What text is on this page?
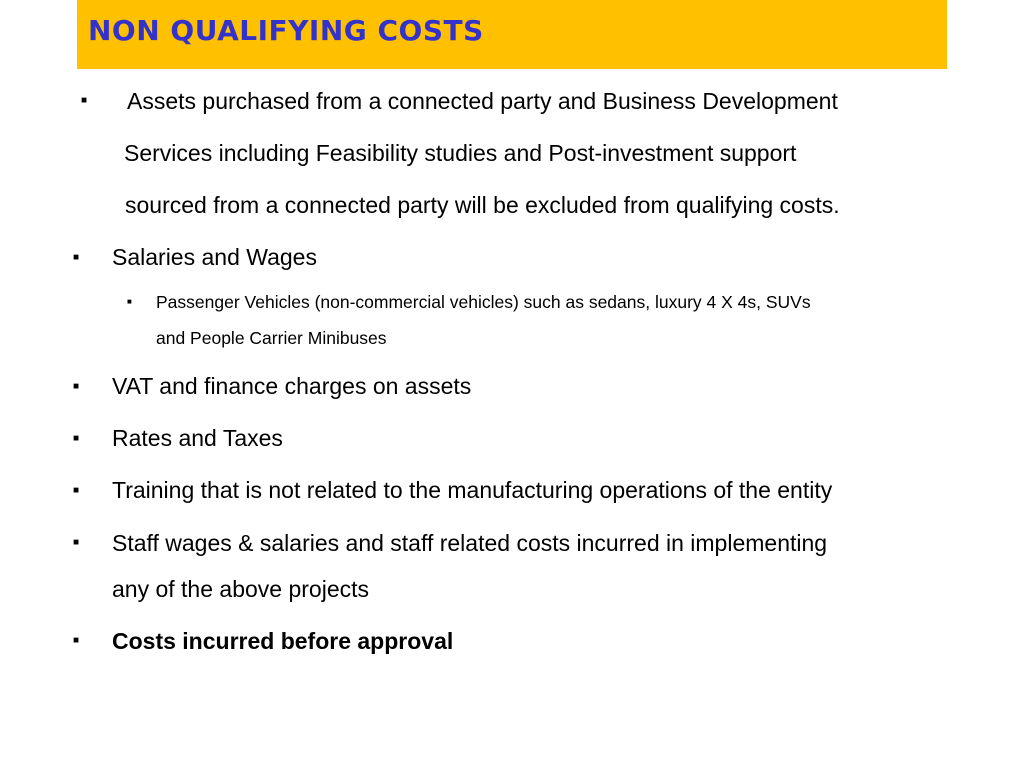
NON QUALIFYING COSTS
■ Assets purchased from a connected party and Business Development
Services including Feasibility studies and Post-investment support
sourced from a connected party will be excluded from qualifying costs.
■ Salaries and Wages
■ Passenger Vehicles (non-commercial vehicles) such as sedans, luxury 4 X 4s, SUVs
and People Carrier Minibuses
■ VAT and finance charges on assets
■ Rates and Taxes
■ Training that is not related to the manufacturing operations of the entity
■ Staff wages & salaries and staff related costs incurred in implementing
any of the above projects
■ Costs incurred before approval
